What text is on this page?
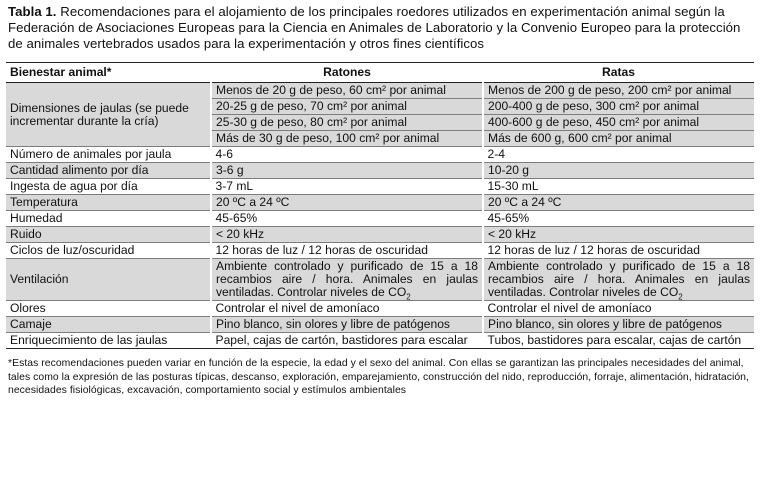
Tabla 1. Recomendaciones para el alojamiento de los principales roedores utilizados en experimentación animal según la Federación de Asociaciones Europeas para la Ciencia en Animales de Laboratorio y la Convenio Europeo para la protección de animales vertebrados usados para la experimentación y otros fines científicos

Bienestar animal*	Ratones	Ratas
Dimensiones de jaulas (se puede incrementar durante la cría)	Menos de 20 g de peso, 60 cm² por animal	Menos de 200 g de peso, 200 cm² por animal
	20-25 g de peso, 70 cm² por animal	200-400 g de peso, 300 cm² por animal
	25-30 g de peso, 80 cm² por animal	400-600 g de peso, 450 cm² por animal
	Más de 30 g de peso, 100 cm² por animal	Más de 600 g, 600 cm² por animal
Número de animales por jaula	4-6	2-4
Cantidad alimento por día	3-6 g	10-20 g
Ingesta de agua por día	3-7 mL	15-30 mL
Temperatura	20 ºC a 24 ºC	20 ºC a 24 ºC
Humedad	45-65%	45-65%
Ruido	< 20 kHz	< 20 kHz
Ciclos de luz/oscuridad	12 horas de luz / 12 horas de oscuridad	12 horas de luz / 12 horas de oscuridad
Ventilación	Ambiente controlado y purificado de 15 a 18 recambios aire / hora. Animales en jaulas ventiladas. Controlar niveles de $CO_2$	Ambiente controlado y purificado de 15 a 18 recambios aire / hora. Animales en jaulas ventiladas. Controlar niveles de $CO_2$
Olores	Controlar el nivel de amoníaco	Controlar el nivel de amoníaco
Camaje	Pino blanco, sin olores y libre de patógenos	Pino blanco, sin olores y libre de patógenos
Enriquecimiento de las jaulas	Papel, cajas de cartón, bastidores para escalar	Tubos, bastidores para escalar, cajas de cartón

*Estas recomendaciones pueden variar en función de la especie, la edad y el sexo del animal. Con ellas se garantizan las principales necesidades del animal, tales como la expresión de las posturas típicas, descanso, exploración, emparejamiento, construcción del nido, reproducción, forraje, alimentación, hidratación, necesidades fisiológicas, excavación, comportamiento social y estímulos ambientales
